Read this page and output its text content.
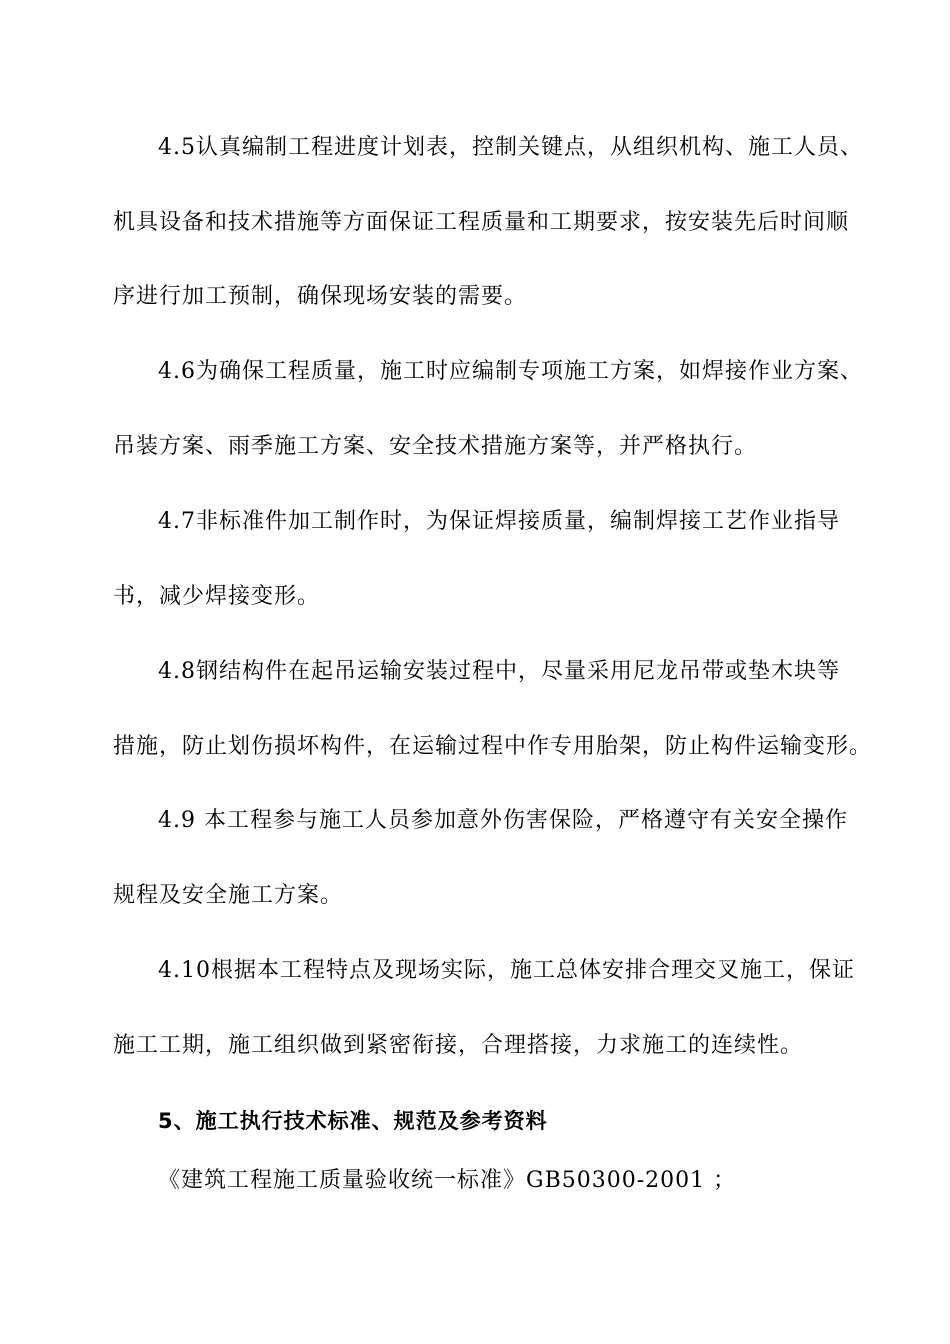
4.5认真编制工程进度计划表，控制关键点，从组织机构、施工人员、
机具设备和技术措施等方面保证工程质量和工期要求，按安装先后时间顺
序进行加工预制，确保现场安装的需要。
4.6为确保工程质量，施工时应编制专项施工方案，如焊接作业方案、
吊装方案、雨季施工方案、安全技术措施方案等，并严格执行。
4.7非标准件加工制作时，为保证焊接质量，编制焊接工艺作业指导
书，减少焊接变形。
4.8钢结构件在起吊运输安装过程中，尽量采用尼龙吊带或垫木块等
措施，防止划伤损坏构件，在运输过程中作专用胎架，防止构件运输变形。
4.9 本工程参与施工人员参加意外伤害保险，严格遵守有关安全操作
规程及安全施工方案。
4.10根据本工程特点及现场实际，施工总体安排合理交叉施工，保证
施工工期，施工组织做到紧密衔接，合理搭接，力求施工的连续性。
5、施工执行技术标准、规范及参考资料
《建筑工程施工质量验收统一标准》GB50300-2001 ；
